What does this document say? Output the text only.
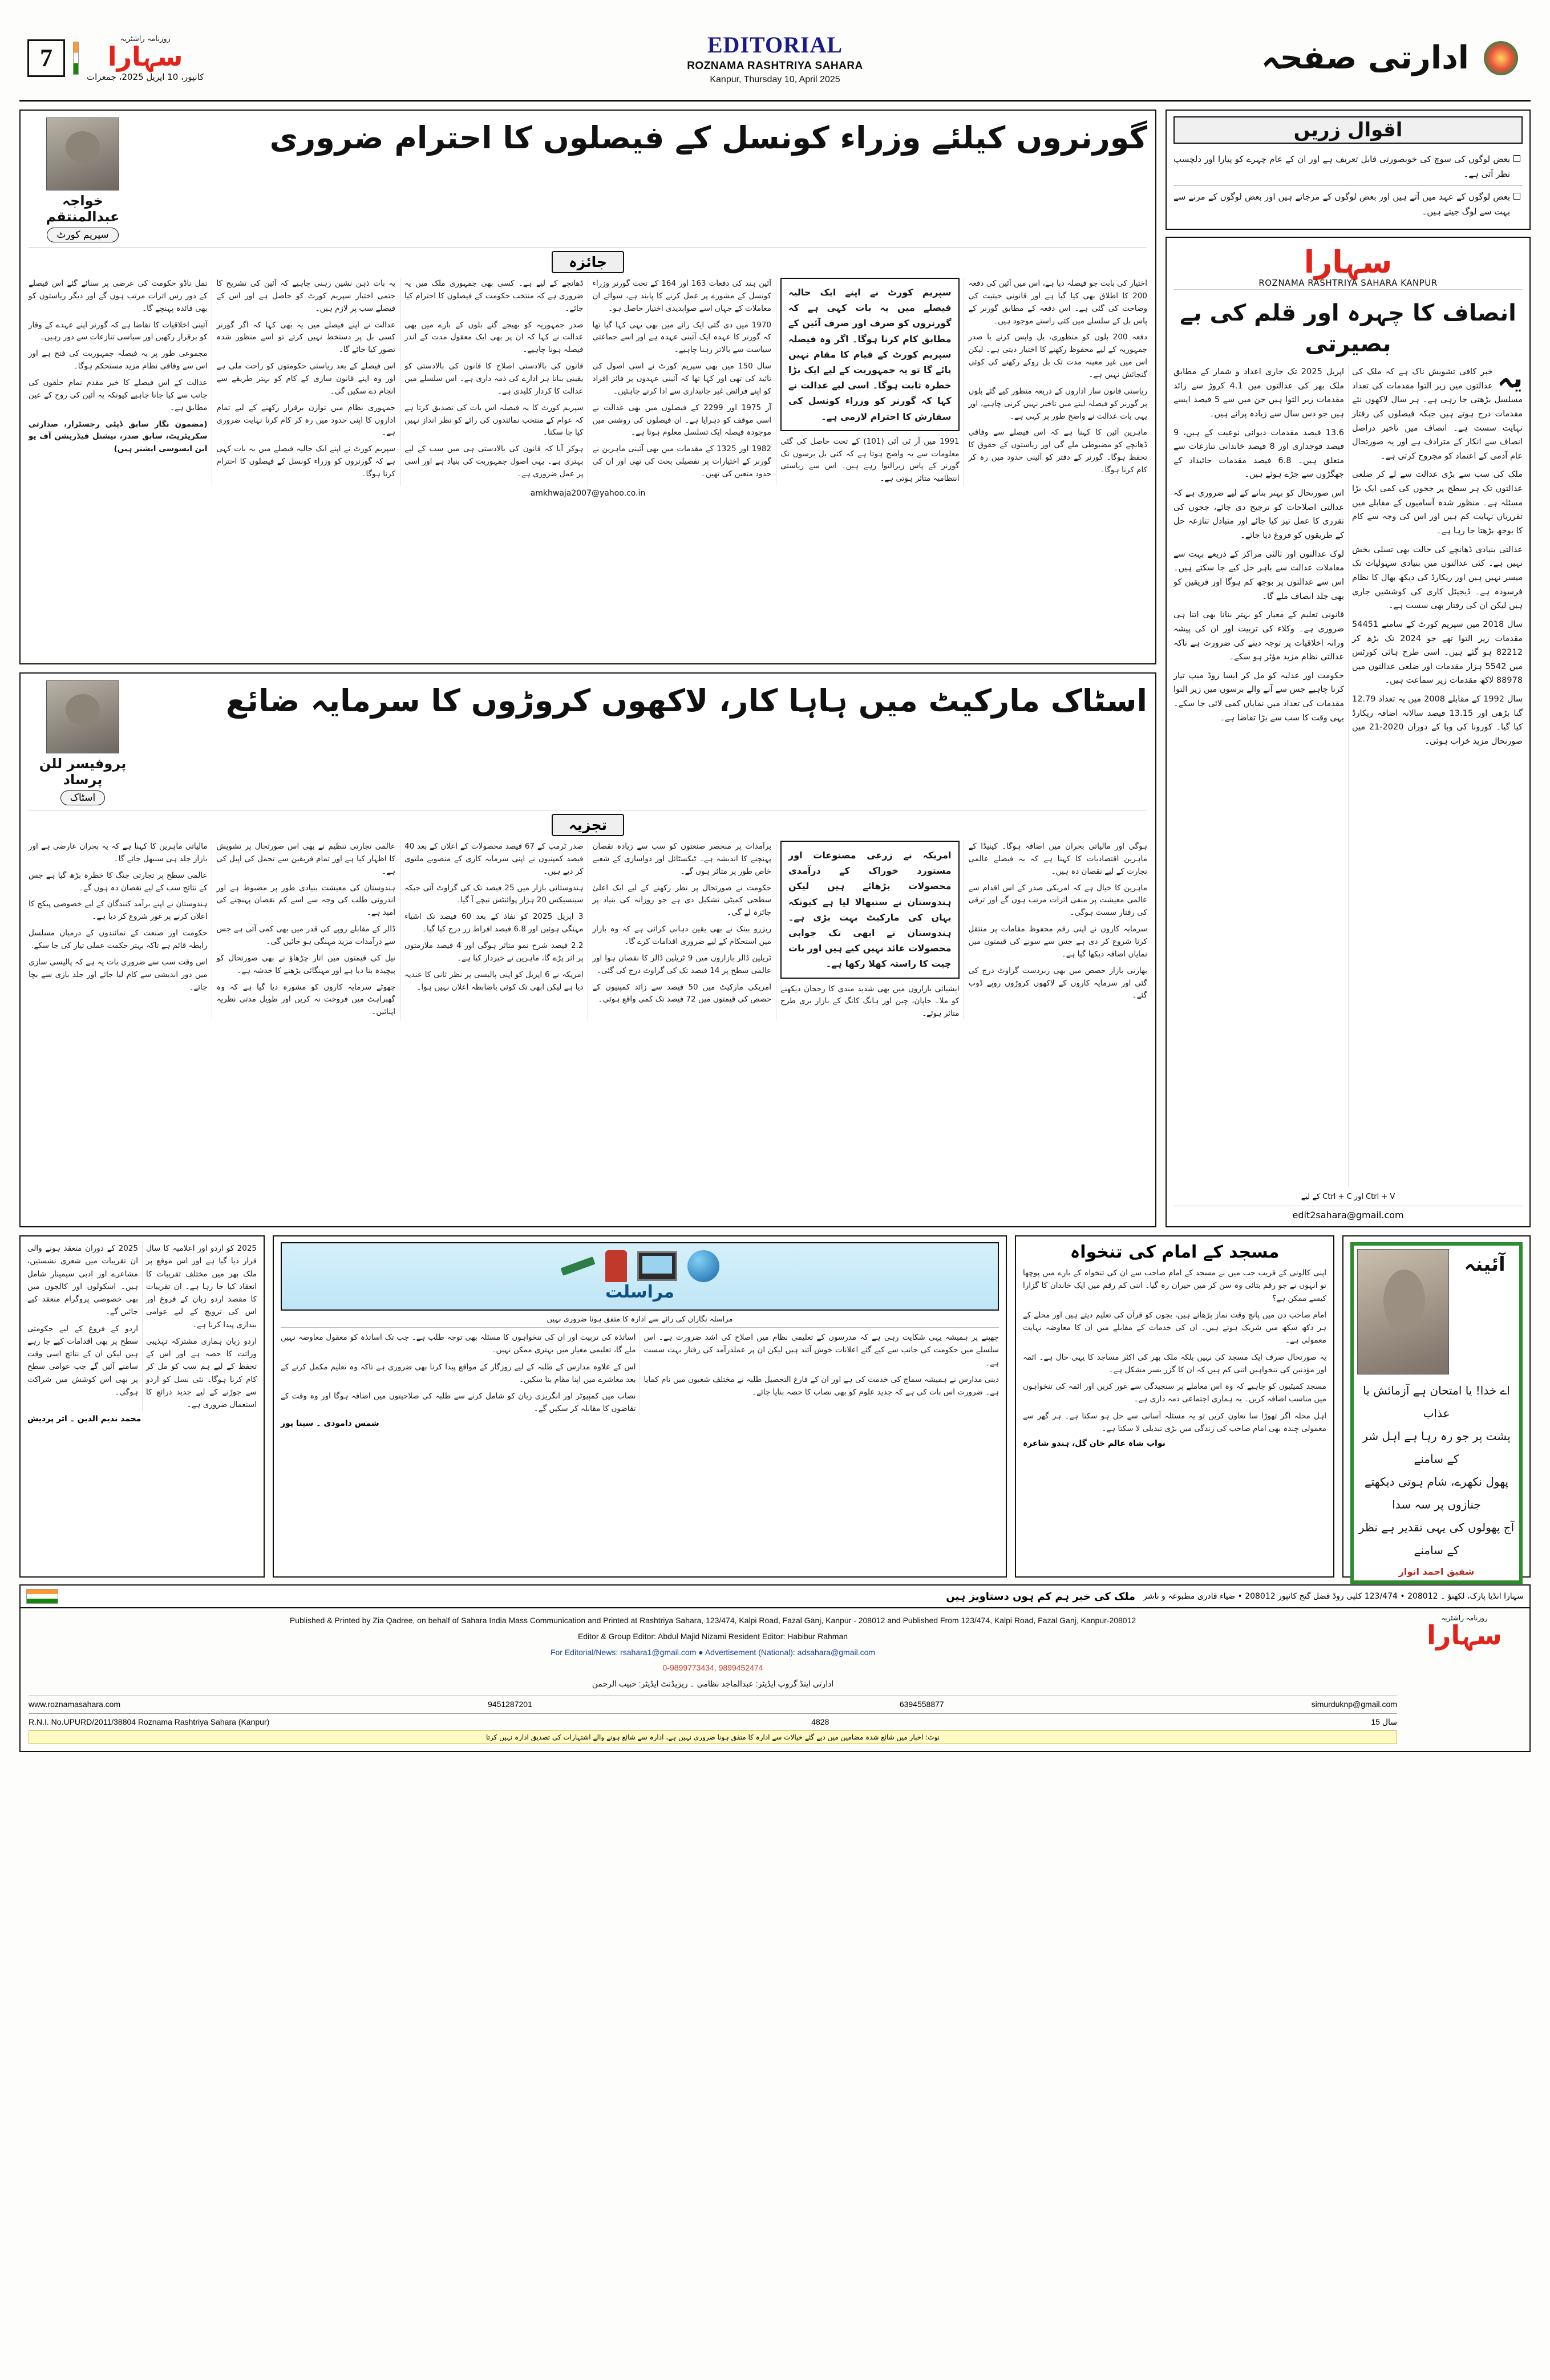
7
روزنامہ راشٹریہ
سہارا
کانپور، 10 اپریل 2025، جمعرات
EDITORIAL
ROZNAMA RASHTRIYA SAHARA
Kanpur, Thursday 10, April 2025
ادارتی صفحہ
گورنروں کیلئے وزراء کونسل کے فیصلوں کا احترام ضروری
خواجہ عبدالمنتقم
سپریم کورٹ
جائزہ

اختیار کی بابت جو فیصلہ دیا ہے، اس میں آئین کی دفعہ 200 کا اطلاق بھی کیا گیا ہے اور قانونی حیثیت کی وضاحت کی گئی ہے۔ اس دفعہ کے مطابق گورنر کے پاس بل کے سلسلے میں کئی راستے موجود ہیں۔

دفعہ 200 بلوں کو منظوری، بل واپس کرنے یا صدر جمہوریہ کے لیے محفوظ رکھنے کا اختیار دیتی ہے۔ لیکن اس میں غیر معینہ مدت تک بل روکے رکھنے کی کوئی گنجائش نہیں ہے۔

ریاستی قانون ساز اداروں کے ذریعہ منظور کیے گئے بلوں پر گورنر کو فیصلہ لینے میں تاخیر نہیں کرنی چاہیے، اور یہی بات عدالت نے واضح طور پر کہی ہے۔

ماہرین آئین کا کہنا ہے کہ اس فیصلے سے وفاقی ڈھانچے کو مضبوطی ملے گی اور ریاستوں کے حقوق کا تحفظ ہوگا۔ گورنر کے دفتر کو آئینی حدود میں رہ کر کام کرنا ہوگا۔

سپریم کورٹ نے اپنے ایک حالیہ فیصلے میں یہ بات کہی ہے کہ گورنروں کو صرف اور صرف آئین کے مطابق کام کرنا ہوگا۔ اگر وہ فیصلہ سپریم کورٹ کے قیام کا مقام نہیں پائے گا تو یہ جمہوریت کے لیے ایک بڑا خطرہ ثابت ہوگا۔ اسی لیے عدالت نے کہا کہ گورنر کو وزراء کونسل کی سفارش کا احترام لازمی ہے۔

1991 میں آر ٹی آئی (101) کے تحت حاصل کی گئی معلومات سے یہ واضح ہوتا ہے کہ کئی بل برسوں تک گورنر کے پاس زیرالتوا رہے ہیں۔ اس سے ریاستی انتظامیہ متاثر ہوتی ہے۔

آئین ہند کی دفعات 163 اور 164 کے تحت گورنر وزراء کونسل کے مشورے پر عمل کرنے کا پابند ہے، سوائے ان معاملات کے جہاں اسے صوابدیدی اختیار حاصل ہو۔

1970 میں دی گئی ایک رائے میں بھی یہی کہا گیا تھا کہ گورنر کا عہدہ ایک آئینی عہدہ ہے اور اسے جماعتی سیاست سے بالاتر رہنا چاہیے۔

سال 150 میں بھی سپریم کورٹ نے اسی اصول کی تائید کی تھی اور کہا تھا کہ آئینی عہدوں پر فائز افراد کو اپنے فرائض غیر جانبداری سے ادا کرنے چاہئیں۔

آر 1975 اور 2299 کے فیصلوں میں بھی عدالت نے اسی موقف کو دہرایا ہے۔ ان فیصلوں کی روشنی میں موجودہ فیصلہ ایک تسلسل معلوم ہوتا ہے۔

1982 اور 1325 کے مقدمات میں بھی آئینی ماہرین نے گورنر کے اختیارات پر تفصیلی بحث کی تھی اور ان کی حدود متعین کی تھیں۔

ڈھانچے کے لیے ہے۔ کسی بھی جمہوری ملک میں یہ ضروری ہے کہ منتخب حکومت کے فیصلوں کا احترام کیا جائے۔

صدر جمہوریہ کو بھیجے گئے بلوں کے بارے میں بھی عدالت نے کہا کہ ان پر بھی ایک معقول مدت کے اندر فیصلہ ہونا چاہیے۔

قانون کی بالادستی اصلاح کا قانون کی بالادستی کو یقینی بنانا ہر ادارے کی ذمہ داری ہے۔ اس سلسلے میں عدالت کا کردار کلیدی ہے۔

سپریم کورٹ کا یہ فیصلہ اس بات کی تصدیق کرتا ہے کہ عوام کے منتخب نمائندوں کی رائے کو نظر انداز نہیں کیا جا سکتا۔

ہوکر آیا کہ قانون کی بالادستی ہی میں سب کے لیے بہتری ہے۔ یہی اصول جمہوریت کی بنیاد ہے اور اسی پر عمل ضروری ہے۔

یہ بات ذہن نشین رہنی چاہیے کہ آئین کی تشریح کا حتمی اختیار سپریم کورٹ کو حاصل ہے اور اس کے فیصلے سب پر لازم ہیں۔

عدالت نے اپنے فیصلے میں یہ بھی کہا کہ اگر گورنر کسی بل پر دستخط نہیں کرتے تو اسے منظور شدہ تصور کیا جائے گا۔

اس فیصلے کے بعد ریاستی حکومتوں کو راحت ملی ہے اور وہ اپنے قانون سازی کے کام کو بہتر طریقے سے انجام دے سکیں گی۔

جمہوری نظام میں توازن برقرار رکھنے کے لیے تمام اداروں کا اپنی حدود میں رہ کر کام کرنا نہایت ضروری ہے۔

سپریم کورٹ نے اپنے ایک حالیہ فیصلے میں یہ بات کہی ہے کہ گورنروں کو وزراء کونسل کے فیصلوں کا احترام کرنا ہوگا۔

تمل ناڈو حکومت کی عرضی پر سنائے گئے اس فیصلے کے دور رس اثرات مرتب ہوں گے اور دیگر ریاستوں کو بھی فائدہ پہنچے گا۔

آئینی اخلاقیات کا تقاضا ہے کہ گورنر اپنے عہدے کے وقار کو برقرار رکھیں اور سیاسی تنازعات سے دور رہیں۔

مجموعی طور پر یہ فیصلہ جمہوریت کی فتح ہے اور اس سے وفاقی نظام مزید مستحکم ہوگا۔

عدالت کے اس فیصلے کا خیر مقدم تمام حلقوں کی جانب سے کیا جانا چاہیے کیونکہ یہ آئین کی روح کے عین مطابق ہے۔

(مضمون نگار سابق ڈپٹی رجسٹرار، صدارتی سکریٹریٹ، سابق صدر، نیشنل فیڈریشن آف یو این ایسوسی ایشنز ہیں)

amkhwaja2007@yahoo.co.in
اسٹاک مارکیٹ میں ہاہا کار، لاکھوں کروڑوں کا سرمایہ ضائع
پروفیسر للن پرساد
اسٹاک
تجزیہ

ہوگی اور مالیاتی بحران میں اضافہ ہوگا۔ کینیڈا کے ماہرین اقتصادیات کا کہنا ہے کہ یہ فیصلے عالمی تجارت کے لیے نقصان دہ ہیں۔

ماہرین کا خیال ہے کہ امریکی صدر کے اس اقدام سے عالمی معیشت پر منفی اثرات مرتب ہوں گے اور ترقی کی رفتار سست ہوگی۔

سرمایہ کاروں نے اپنی رقم محفوظ مقامات پر منتقل کرنا شروع کر دی ہے جس سے سونے کی قیمتوں میں نمایاں اضافہ دیکھا گیا ہے۔

بھارتی بازار حصص میں بھی زبردست گراوٹ درج کی گئی اور سرمایہ کاروں کے لاکھوں کروڑوں روپے ڈوب گئے۔

امریکہ نے زرعی مصنوعات اور مستورد خوراک کے درآمدی محصولات بڑھائے ہیں لیکن ہندوستان نے سنبھالا لیا ہے کیونکہ یہاں کی مارکیٹ بہت بڑی ہے۔ ہندوستان نے ابھی تک جوابی محصولات عائد نہیں کیے ہیں اور بات چیت کا راستہ کھلا رکھا ہے۔

ایشیائی بازاروں میں بھی شدید مندی کا رجحان دیکھنے کو ملا۔ جاپان، چین اور ہانگ کانگ کے بازار بری طرح متاثر ہوئے۔

برآمدات پر منحصر صنعتوں کو سب سے زیادہ نقصان پہنچنے کا اندیشہ ہے۔ ٹیکسٹائل اور دواسازی کے شعبے خاص طور پر متاثر ہوں گے۔

حکومت نے صورتحال پر نظر رکھنے کے لیے ایک اعلیٰ سطحی کمیٹی تشکیل دی ہے جو روزانہ کی بنیاد پر جائزہ لے گی۔

ریزرو بینک نے بھی یقین دہانی کرائی ہے کہ وہ بازار میں استحکام کے لیے ضروری اقدامات کرے گا۔

ٹریلین ڈالر بازاروں میں 9 ٹریلین ڈالر کا نقصان ہوا اور عالمی سطح پر 14 فیصد تک کی گراوٹ درج کی گئی۔

امریکی مارکیٹ میں 50 فیصد سے زائد کمپنیوں کے حصص کی قیمتوں میں 72 فیصد تک کمی واقع ہوئی۔

صدر ٹرمپ کے 67 فیصد محصولات کے اعلان کے بعد 40 فیصد کمپنیوں نے اپنی سرمایہ کاری کے منصوبے ملتوی کر دیے ہیں۔

ہندوستانی بازار میں 25 فیصد تک کی گراوٹ آئی جبکہ سینسیکس 20 ہزار پوائنٹس نیچے آ گیا۔

3 اپریل 2025 کو نفاذ کے بعد 60 فیصد تک اشیاء مہنگی ہوئیں اور 6.8 فیصد افراط زر درج کیا گیا۔

2.2 فیصد شرح نمو متاثر ہوگی اور 4 فیصد ملازمتوں پر اثر پڑے گا، ماہرین نے خبردار کیا ہے۔

امریکہ نے 6 اپریل کو اپنی پالیسی پر نظر ثانی کا عندیہ دیا ہے لیکن ابھی تک کوئی باضابطہ اعلان نہیں ہوا۔

عالمی تجارتی تنظیم نے بھی اس صورتحال پر تشویش کا اظہار کیا ہے اور تمام فریقین سے تحمل کی اپیل کی ہے۔

ہندوستان کی معیشت بنیادی طور پر مضبوط ہے اور اندرونی طلب کی وجہ سے اسے کم نقصان پہنچنے کی امید ہے۔

ڈالر کے مقابلے روپے کی قدر میں بھی کمی آئی ہے جس سے درآمدات مزید مہنگی ہو جائیں گی۔

تیل کی قیمتوں میں اتار چڑھاؤ نے بھی صورتحال کو پیچیدہ بنا دیا ہے اور مہنگائی بڑھنے کا خدشہ ہے۔

چھوٹے سرمایہ کاروں کو مشورہ دیا گیا ہے کہ وہ گھبراہٹ میں فروخت نہ کریں اور طویل مدتی نظریہ اپنائیں۔

مالیاتی ماہرین کا کہنا ہے کہ یہ بحران عارضی ہے اور بازار جلد ہی سنبھل جائے گا۔

عالمی سطح پر تجارتی جنگ کا خطرہ بڑھ گیا ہے جس کے نتائج سب کے لیے نقصان دہ ہوں گے۔

ہندوستان نے اپنے برآمد کنندگان کے لیے خصوصی پیکج کا اعلان کرنے پر غور شروع کر دیا ہے۔

حکومت اور صنعت کے نمائندوں کے درمیان مسلسل رابطہ قائم ہے تاکہ بہتر حکمت عملی تیار کی جا سکے.

اس وقت سب سے ضروری بات یہ ہے کہ پالیسی سازی میں دور اندیشی سے کام لیا جائے اور جلد بازی سے بچا جائے۔

اقوال زریں
بعض لوگوں کی سوچ کی خوبصورتی قابل تعریف ہے اور ان کے عام چہرے کو پیارا اور دلچسپ نظر آتی ہے۔
بعض لوگوں کے عہد میں آتے ہیں اور بعض لوگوں کے مرجاتے ہیں اور بعض لوگوں کے مرنے سے بہت سے لوگ جیتے ہیں۔
سہارا
ROZNAMA RASHTRIYA SAHARA KANPUR
انصاف کا چہرہ اور قلم کی بے بصیرتی

یہ
خبر کافی تشویش ناک ہے کہ ملک کی عدالتوں میں زیر التوا مقدمات کی تعداد مسلسل بڑھتی جا رہی ہے۔ ہر سال لاکھوں نئے مقدمات درج ہوتے ہیں جبکہ فیصلوں کی رفتار نہایت سست ہے۔ انصاف میں تاخیر دراصل انصاف سے انکار کے مترادف ہے اور یہ صورتحال عام آدمی کے اعتماد کو مجروح کرتی ہے۔

ملک کی سب سے بڑی عدالت سے لے کر ضلعی عدالتوں تک ہر سطح پر ججوں کی کمی ایک بڑا مسئلہ ہے۔ منظور شدہ آسامیوں کے مقابلے میں تقرریاں نہایت کم ہیں اور اس کی وجہ سے کام کا بوجھ بڑھتا جا رہا ہے۔

عدالتی بنیادی ڈھانچے کی حالت بھی تسلی بخش نہیں ہے۔ کئی عدالتوں میں بنیادی سہولیات تک میسر نہیں ہیں اور ریکارڈ کی دیکھ بھال کا نظام فرسودہ ہے۔ ڈیجیٹل کاری کی کوششیں جاری ہیں لیکن ان کی رفتار بھی سست ہے۔

سال 2018 میں سپریم کورٹ کے سامنے 54451 مقدمات زیر التوا تھے جو 2024 تک بڑھ کر 82212 ہو گئے ہیں۔ اسی طرح ہائی کورٹس میں 5542 ہزار مقدمات اور ضلعی عدالتوں میں 88978 لاکھ مقدمات زیر سماعت ہیں۔

سال 1992 کے مقابلے 2008 میں یہ تعداد 12.79 گنا بڑھی اور 13.15 فیصد سالانہ اضافہ ریکارڈ کیا گیا۔ کورونا کی وبا کے دوران 2020-21 میں صورتحال مزید خراب ہوئی۔

اپریل 2025 تک جاری اعداد و شمار کے مطابق ملک بھر کی عدالتوں میں 4.1 کروڑ سے زائد مقدمات زیر التوا ہیں جن میں سے 5 فیصد ایسے ہیں جو دس سال سے زیادہ پرانے ہیں۔

13.6 فیصد مقدمات دیوانی نوعیت کے ہیں، 9 فیصد فوجداری اور 8 فیصد خاندانی تنازعات سے متعلق ہیں۔ 6.8 فیصد مقدمات جائیداد کے جھگڑوں سے جڑے ہوئے ہیں۔

اس صورتحال کو بہتر بنانے کے لیے ضروری ہے کہ عدالتی اصلاحات کو ترجیح دی جائے، ججوں کی تقرری کا عمل تیز کیا جائے اور متبادل تنازعہ حل کے طریقوں کو فروغ دیا جائے۔

لوک عدالتوں اور ثالثی مراکز کے ذریعے بہت سے معاملات عدالت سے باہر حل کیے جا سکتے ہیں۔ اس سے عدالتوں پر بوجھ کم ہوگا اور فریقین کو بھی جلد انصاف ملے گا۔

قانونی تعلیم کے معیار کو بہتر بنانا بھی اتنا ہی ضروری ہے۔ وکلاء کی تربیت اور ان کی پیشہ ورانہ اخلاقیات پر توجہ دینے کی ضرورت ہے تاکہ عدالتی نظام مزید مؤثر ہو سکے۔

حکومت اور عدلیہ کو مل کر ایسا روڈ میپ تیار کرنا چاہیے جس سے آنے والے برسوں میں زیر التوا مقدمات کی تعداد میں نمایاں کمی لائی جا سکے۔ یہی وقت کا سب سے بڑا تقاضا ہے۔

Ctrl + V اور Ctrl + C کے لیے
edit2sahara@gmail.com

2025 کو اردو اور اعلامیہ کا سال قرار دیا گیا ہے اور اس موقع پر ملک بھر میں مختلف تقریبات کا انعقاد کیا جا رہا ہے۔ ان تقریبات کا مقصد اردو زبان کے فروغ اور اس کی ترویج کے لیے عوامی بیداری پیدا کرنا ہے۔

اردو زبان ہماری مشترکہ تہذیبی وراثت کا حصہ ہے اور اس کے تحفظ کے لیے ہم سب کو مل کر کام کرنا ہوگا۔ نئی نسل کو اردو سے جوڑنے کے لیے جدید ذرائع کا استعمال ضروری ہے۔

2025 کے دوران منعقد ہونے والی ان تقریبات میں شعری نشستیں، مشاعرے اور ادبی سیمینار شامل ہیں۔ اسکولوں اور کالجوں میں بھی خصوصی پروگرام منعقد کیے جائیں گے۔

اردو کے فروغ کے لیے حکومتی سطح پر بھی اقدامات کیے جا رہے ہیں لیکن ان کے نتائج اسی وقت سامنے آئیں گے جب عوامی سطح پر بھی اس کوشش میں شراکت ہوگی۔

محمد ندیم الدین ۔ اتر پردیش
مراسلت
مراسلہ نگاران کی رائے سے ادارہ کا متفق ہونا ضروری نہیں

چھپنے پر ہمیشہ یہی شکایت رہی ہے کہ مدرسوں کے تعلیمی نظام میں اصلاح کی اشد ضرورت ہے۔ اس سلسلے میں حکومت کی جانب سے کیے گئے اعلانات خوش آئند ہیں لیکن ان پر عملدرآمد کی رفتار بہت سست ہے۔

دینی مدارس نے ہمیشہ سماج کی خدمت کی ہے اور ان کے فارغ التحصیل طلبہ نے مختلف شعبوں میں نام کمایا ہے۔ ضرورت اس بات کی ہے کہ جدید علوم کو بھی نصاب کا حصہ بنایا جائے۔

اساتذہ کی تربیت اور ان کی تنخواہوں کا مسئلہ بھی توجہ طلب ہے۔ جب تک اساتذہ کو معقول معاوضہ نہیں ملے گا، تعلیمی معیار میں بہتری ممکن نہیں۔

اس کے علاوہ مدارس کے طلبہ کے لیے روزگار کے مواقع پیدا کرنا بھی ضروری ہے تاکہ وہ تعلیم مکمل کرنے کے بعد معاشرے میں اپنا مقام بنا سکیں۔

نصاب میں کمپیوٹر اور انگریزی زبان کو شامل کرنے سے طلبہ کی صلاحیتوں میں اضافہ ہوگا اور وہ وقت کے تقاضوں کا مقابلہ کر سکیں گے۔

شمس دامودی ۔ سیتا پور
مسجد کے امام کی تنخواہ

اپنی کالونی کے قریب جب میں نے مسجد کے امام صاحب سے ان کی تنخواہ کے بارے میں پوچھا تو انہوں نے جو رقم بتائی وہ سن کر میں حیران رہ گیا۔ اتنی کم رقم میں ایک خاندان کا گزارا کیسے ممکن ہے؟

امام صاحب دن میں پانچ وقت نماز پڑھاتے ہیں، بچوں کو قرآن کی تعلیم دیتے ہیں اور محلے کے ہر دکھ سکھ میں شریک ہوتے ہیں۔ ان کی خدمات کے مقابلے میں ان کا معاوضہ نہایت معمولی ہے۔

یہ صورتحال صرف ایک مسجد کی نہیں بلکہ ملک بھر کی اکثر مساجد کا یہی حال ہے۔ ائمہ اور مؤذنین کی تنخواہیں اتنی کم ہیں کہ ان کا گزر بسر مشکل ہے۔

مسجد کمیٹیوں کو چاہیے کہ وہ اس معاملے پر سنجیدگی سے غور کریں اور ائمہ کی تنخواہوں میں مناسب اضافہ کریں۔ یہ ہماری اجتماعی ذمہ داری ہے۔

اہل محلہ اگر تھوڑا سا تعاون کریں تو یہ مسئلہ آسانی سے حل ہو سکتا ہے۔ ہر گھر سے معمولی چندہ بھی امام صاحب کی زندگی میں بڑی تبدیلی لا سکتا ہے۔

نواب شاہ عالم خان گل، ہندو شاعرہ
آئینہ
اے خدا! یا امتحان ہے آزمائش یا عذاب
پشت پر جو رہ رہا ہے اہل شر کے سامنے
پھول نکھرے، شام ہوتی دیکھتے جنازوں پر سہ سدا
آج پھولوں کی یہی تقدیر ہے نظر کے سامنے
شفیق احمد انوار
ملک کی خبر ہم کم ہوں دستاویز ہیں سہارا انڈیا پارک، لکھنؤ ۔ 208012 • 123/474 کلپی روڈ فضل گنج کانپور 208012 • ضیاء قادری مطبوعہ و ناشر
Published & Printed by Zia Qadree, on behalf of Sahara India Mass Communication and Printed at Rashtriya Sahara, 123/474, Kalpi Road, Fazal Ganj, Kanpur - 208012 and Published From 123/474, Kalpi Road, Fazal Ganj, Kanpur-208012
Editor & Group Editor: Abdul Majid Nizami Resident Editor: Habibur Rahman
For Editorial/News: rsahara1@gmail.com ● Advertisement (National): adsahara@gmail.com
0-9899773434, 9899452474
ادارتی اینڈ گروپ ایڈیٹر: عبدالماجد نظامی ۔ ریزیڈنٹ ایڈیٹر: حبیب الرحمن
www.roznamasahara.com	9451287201	6394558877	simurduknp@gmail.com
R.N.I. No.UPURD/2011/38804 Roznama Rashtriya Sahara (Kanpur)	4828	15 سال
نوٹ: اخبار میں شائع شدہ مضامین میں دیے گئے خیالات سے ادارہ کا متفق ہونا ضروری نہیں ہے، ادارہ سے شائع ہونے والے اشتہارات کی تصدیق ادارہ نہیں کرتا
روزنامہ راشٹریہ
سہارا
